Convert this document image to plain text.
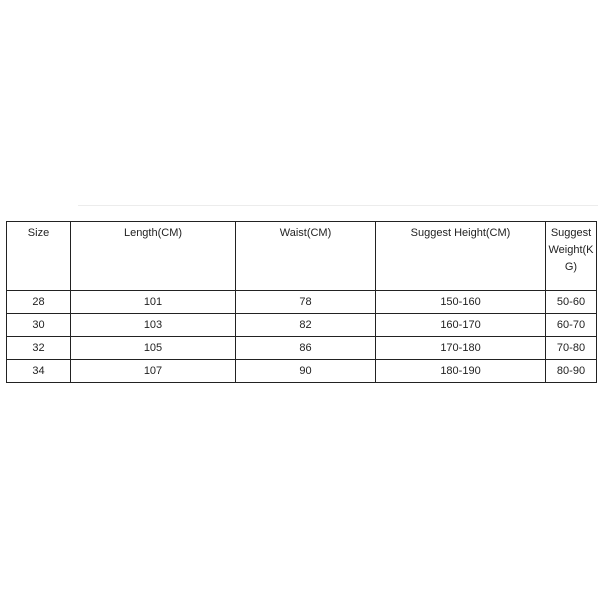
Size	Length(CM)	Waist(CM)	Suggest Height(CM)	Suggest Weight(KG)
28	101	78	150-160	50-60
30	103	82	160-170	60-70
32	105	86	170-180	70-80
34	107	90	180-190	80-90
